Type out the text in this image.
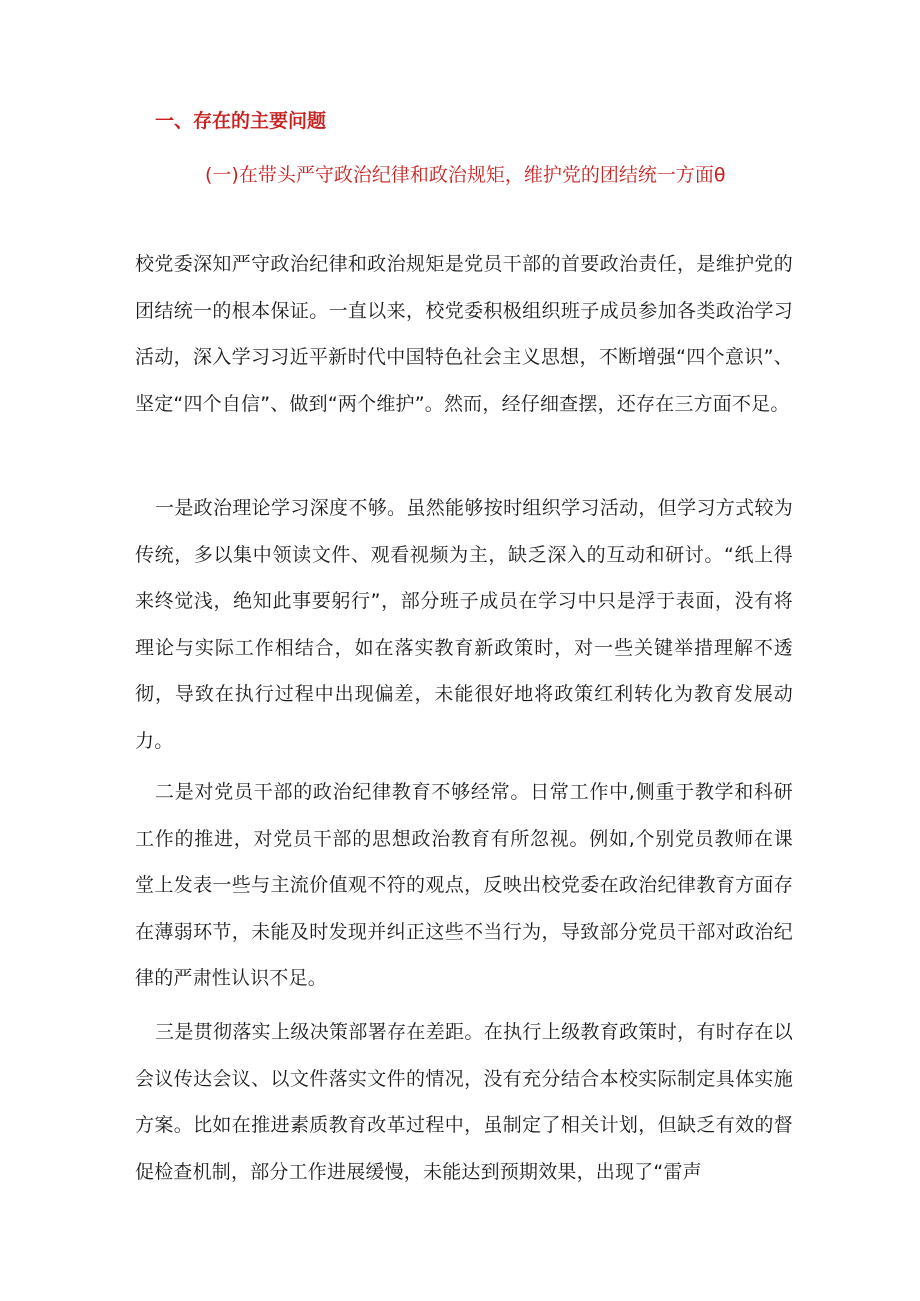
一、存在的主要问题
(一)在带头严守政治纪律和政治规矩，维护党的团结统一方面θ
校党委深知严守政治纪律和政治规矩是党员干部的首要政治责任，是维护党的团结统一的根本保证。一直以来，校党委积极组织班子成员参加各类政治学习活动，深入学习习近平新时代中国特色社会主义思想，不断增强“四个意识”、坚定“四个自信”、做到“两个维护”。然而，经仔细查摆，还存在三方面不足。
一是政治理论学习深度不够。虽然能够按时组织学习活动，但学习方式较为传统，多以集中领读文件、观看视频为主，缺乏深入的互动和研讨。“纸上得来终觉浅，绝知此事要躬行”，部分班子成员在学习中只是浮于表面，没有将理论与实际工作相结合，如在落实教育新政策时，对一些关键举措理解不透彻，导致在执行过程中出现偏差，未能很好地将政策红利转化为教育发展动力。
二是对党员干部的政治纪律教育不够经常。日常工作中,侧重于教学和科研工作的推进，对党员干部的思想政治教育有所忽视。例如,个别党员教师在课堂上发表一些与主流价值观不符的观点，反映出校党委在政治纪律教育方面存在薄弱环节，未能及时发现并纠正这些不当行为，导致部分党员干部对政治纪律的严肃性认识不足。
三是贯彻落实上级决策部署存在差距。在执行上级教育政策时，有时存在以会议传达会议、以文件落实文件的情况，没有充分结合本校实际制定具体实施方案。比如在推进素质教育改革过程中，虽制定了相关计划，但缺乏有效的督促检查机制，部分工作进展缓慢，未能达到预期效果，出现了“雷声
